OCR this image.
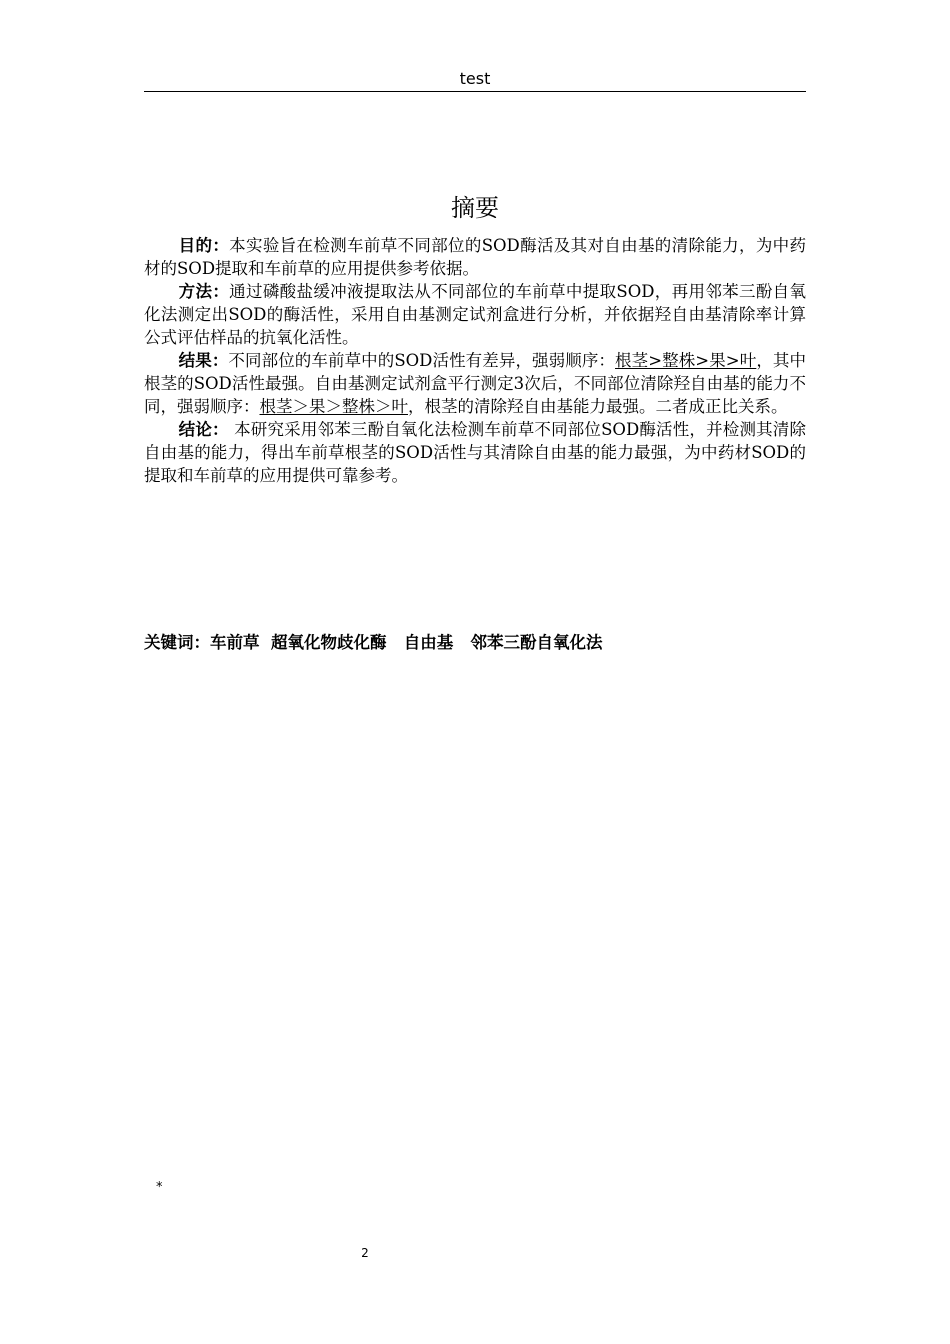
test
摘要

目的：本实验旨在检测车前草不同部位的SOD酶活及其对自由基的清除能力，为中药材的SOD提取和车前草的应用提供参考依据。

方法：通过磷酸盐缓冲液提取法从不同部位的车前草中提取SOD，再用邻苯三酚自氧化法测定出SOD的酶活性，采用自由基测定试剂盒进行分析，并依据羟自由基清除率计算公式评估样品的抗氧化活性。

结果：不同部位的车前草中的SOD活性有差异，强弱顺序：根茎>整株>果>叶，其中根茎的SOD活性最强。自由基测定试剂盒平行测定3次后，不同部位清除羟自由基的能力不同，强弱顺序：根茎＞果＞整株＞叶，根茎的清除羟自由基能力最强。二者成正比关系。

结论： 本研究采用邻苯三酚自氧化法检测车前草不同部位SOD酶活性，并检测其清除自由基的能力，得出车前草根茎的SOD活性与其清除自由基的能力最强，为中药材SOD的提取和车前草的应用提供可靠参考。

关键词：车前草  超氧化物歧化酶   自由基   邻苯三酚自氧化法
*
2
